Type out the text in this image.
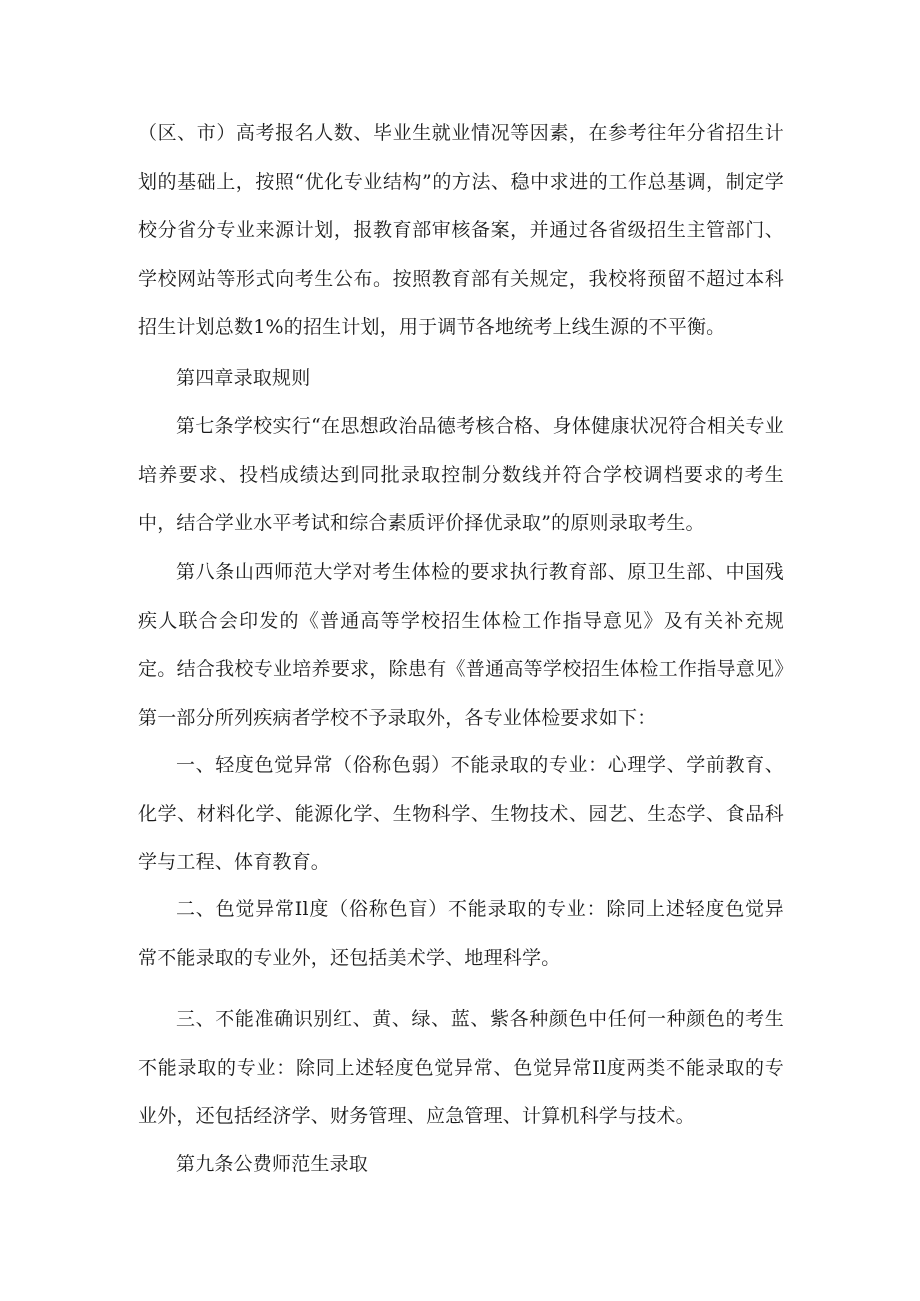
（区、市）高考报名人数、毕业生就业情况等因素，在参考往年分省招生计划的基础上，按照“优化专业结构”的方法、稳中求进的工作总基调，制定学校分省分专业来源计划，报教育部审核备案，并通过各省级招生主管部门、学校网站等形式向考生公布。按照教育部有关规定，我校将预留不超过本科招生计划总数1%的招生计划，用于调节各地统考上线生源的不平衡。

第四章录取规则

第七条学校实行“在思想政治品德考核合格、身体健康状况符合相关专业培养要求、投档成绩达到同批录取控制分数线并符合学校调档要求的考生中，结合学业水平考试和综合素质评价择优录取”的原则录取考生。

第八条山西师范大学对考生体检的要求执行教育部、原卫生部、中国残疾人联合会印发的《普通高等学校招生体检工作指导意见》及有关补充规定。结合我校专业培养要求，除患有《普通高等学校招生体检工作指导意见》第一部分所列疾病者学校不予录取外，各专业体检要求如下：

一、轻度色觉异常（俗称色弱）不能录取的专业：心理学、学前教育、化学、材料化学、能源化学、生物科学、生物技术、园艺、生态学、食品科学与工程、体育教育。

二、色觉异常Il度（俗称色盲）不能录取的专业：除同上述轻度色觉异常不能录取的专业外，还包括美术学、地理科学。

三、不能准确识别红、黄、绿、蓝、紫各种颜色中任何一种颜色的考生不能录取的专业：除同上述轻度色觉异常、色觉异常Il度两类不能录取的专业外，还包括经济学、财务管理、应急管理、计算机科学与技术。

第九条公费师范生录取
